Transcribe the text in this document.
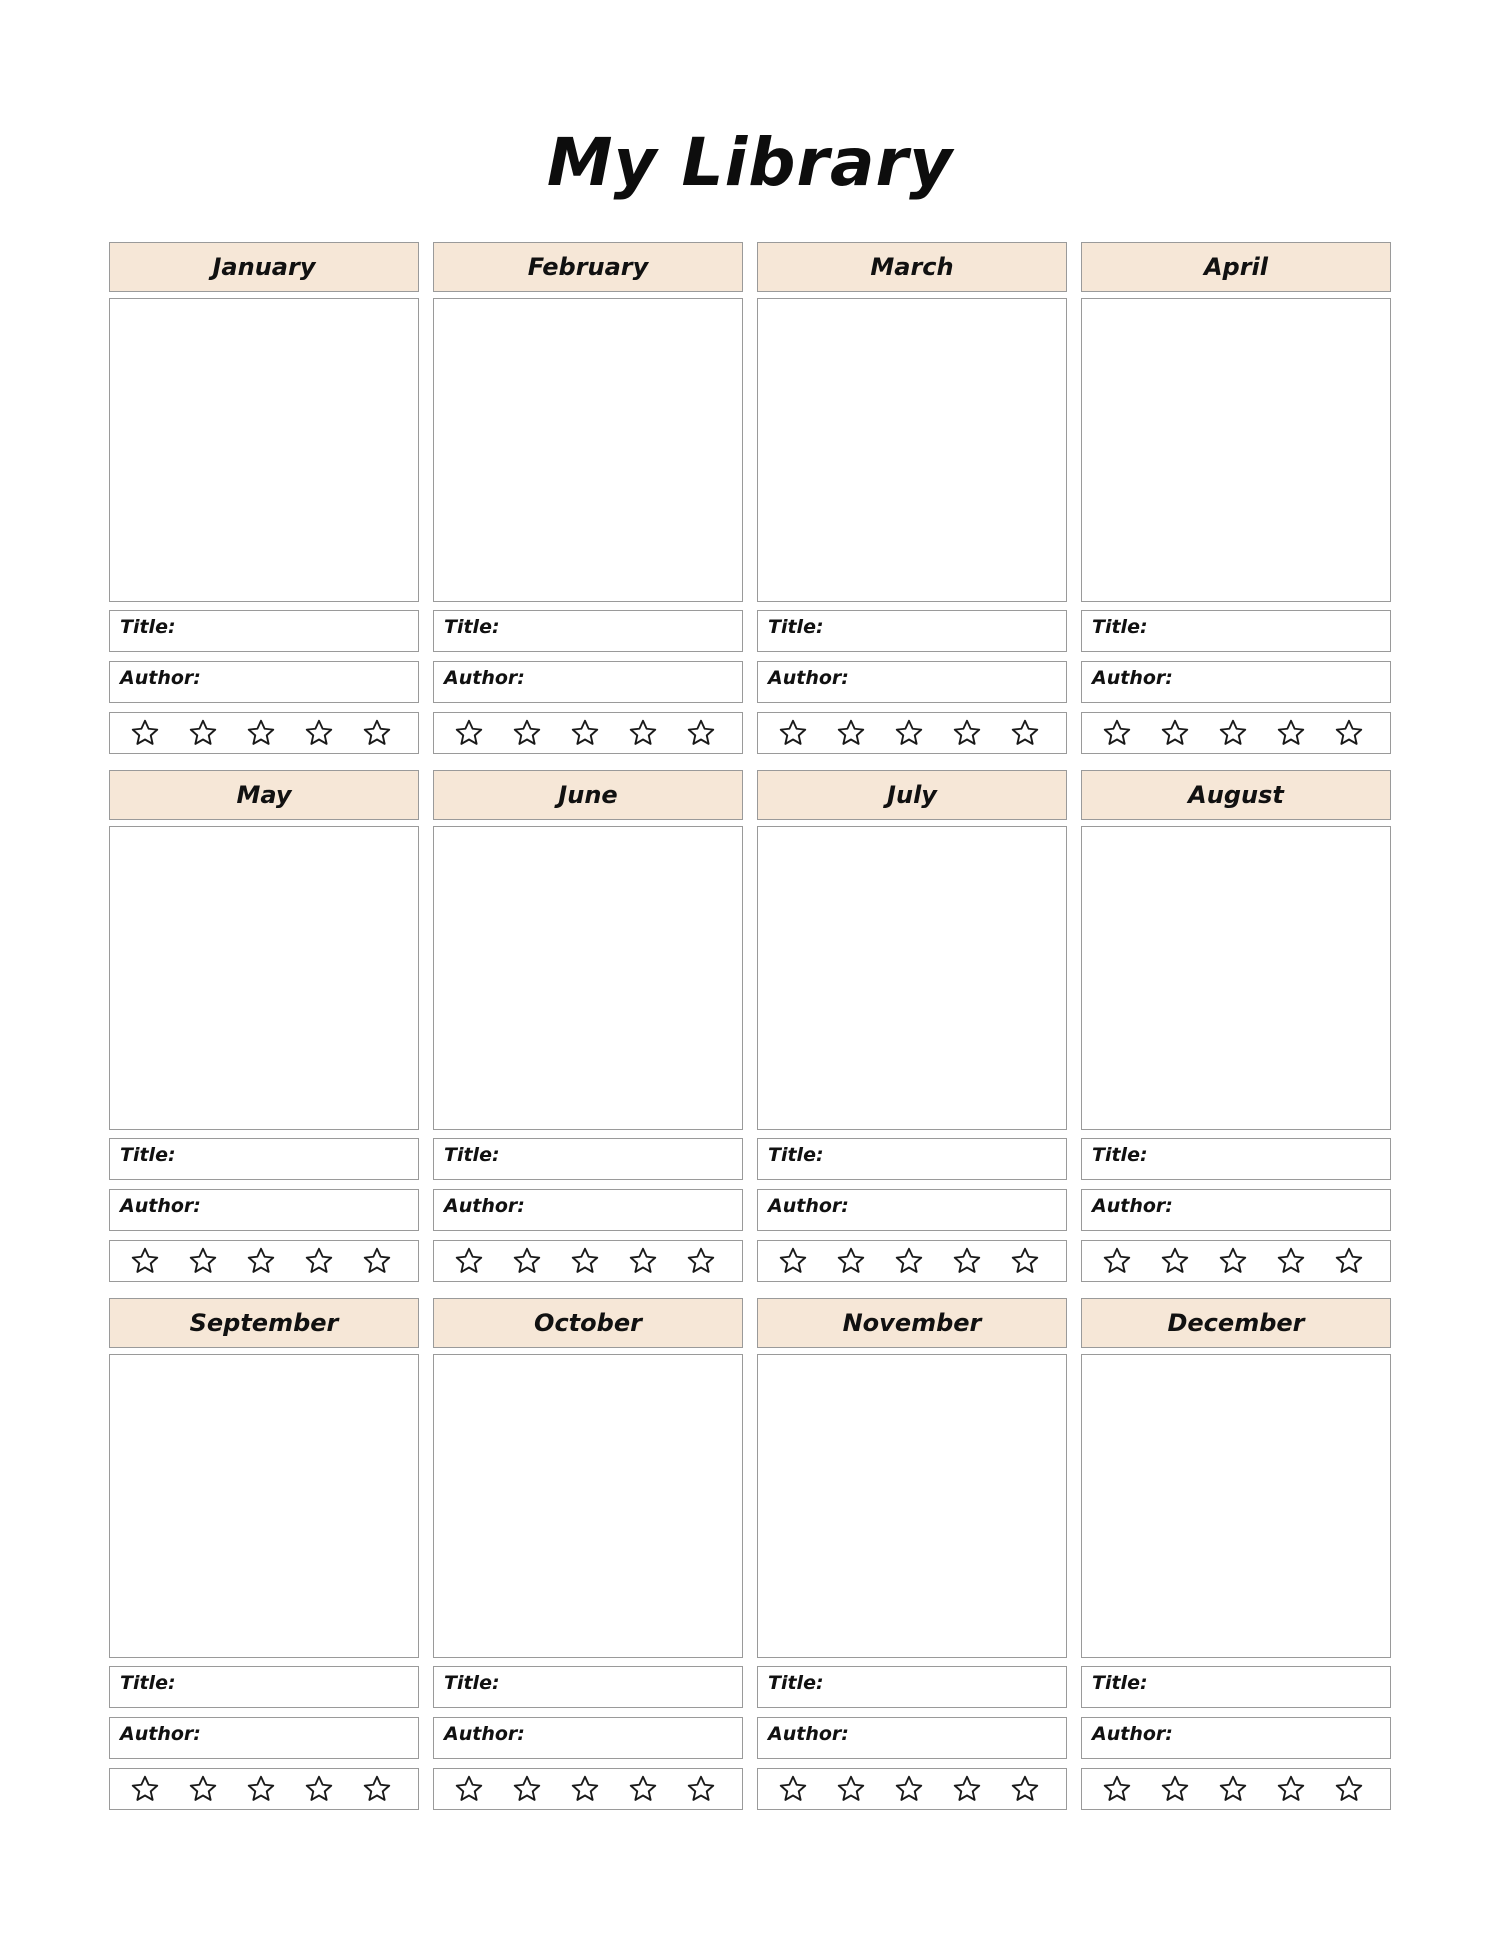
My Library
January
Title:
Author:
February
Title:
Author:
March
Title:
Author:
April
Title:
Author:
May
Title:
Author:
June
Title:
Author:
July
Title:
Author:
August
Title:
Author:
September
Title:
Author:
October
Title:
Author:
November
Title:
Author:
December
Title:
Author:
